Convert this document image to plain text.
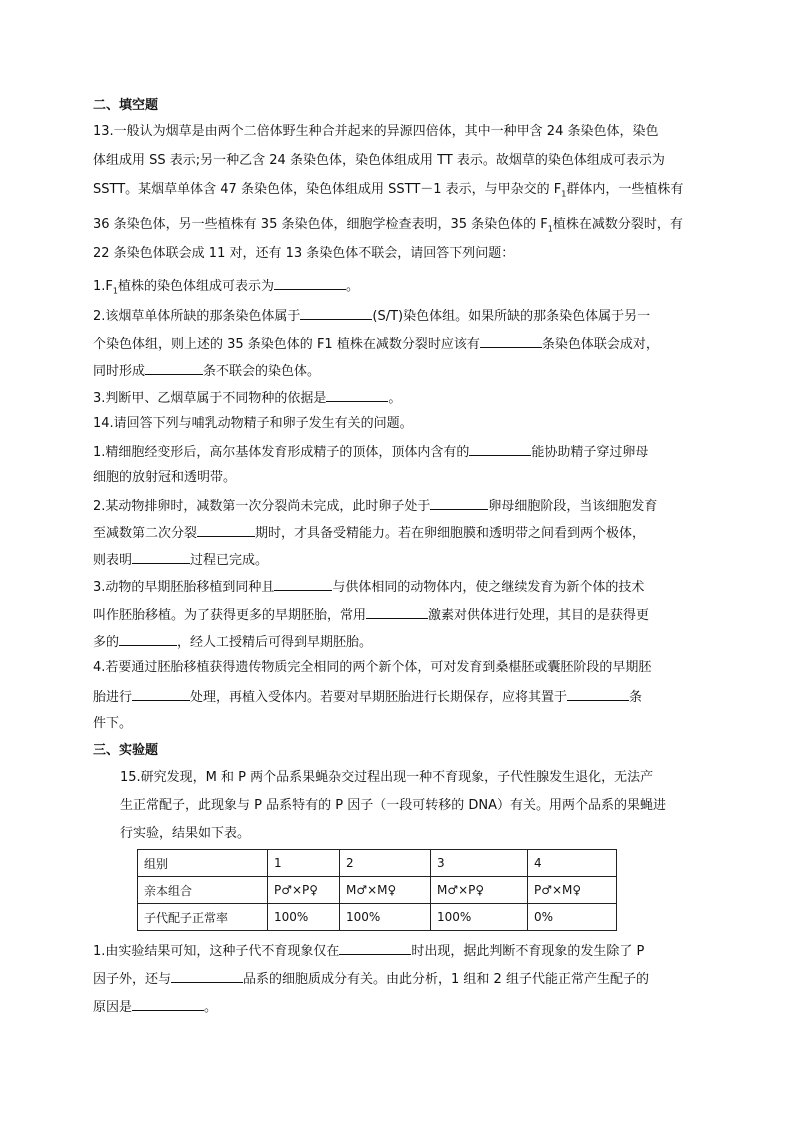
二、填空题
13.一般认为烟草是由两个二倍体野生种合并起来的异源四倍体，其中一种甲含 24 条染色体，染色
体组成用 SS 表示;另一种乙含 24 条染色体，染色体组成用 TT 表示。故烟草的染色体组成可表示为
SSTT。某烟草单体含 47 条染色体，染色体组成用 SSTT－1 表示，与甲杂交的 $F_1$群体内，一些植株有
36 条染色体，另一些植株有 35 条染色体，细胞学检查表明，35 条染色体的 $F_1$植株在减数分裂时，有
22 条染色体联会成 11 对，还有 13 条染色体不联会，请回答下列问题：
$1.F_1$植株的染色体组成可表示为	。
2.该烟草单体所缺的那条染色体属于	(S/T)染色体组。如果所缺的那条染色体属于另一
个染色体组，则上述的 35 条染色体的 F1 植株在减数分裂时应该有	条染色体联会成对，
同时形成	条不联会的染色体。
3.判断甲、乙烟草属于不同物种的依据是	。
14.请回答下列与哺乳动物精子和卵子发生有关的问题。
1.精细胞经变形后，高尔基体发育形成精子的顶体，顶体内含有的	能协助精子穿过卵母
细胞的放射冠和透明带。
2.某动物排卵时，减数第一次分裂尚未完成，此时卵子处于	卵母细胞阶段，当该细胞发育
至减数第二次分裂	期时，才具备受精能力。若在卵细胞膜和透明带之间看到两个极体，
则表明	过程已完成。
3.动物的早期胚胎移植到同种且	与供体相同的动物体内，使之继续发育为新个体的技术
叫作胚胎移植。为了获得更多的早期胚胎，常用	激素对供体进行处理，其目的是获得更
多的	，经人工授精后可得到早期胚胎。
4.若要通过胚胎移植获得遗传物质完全相同的两个新个体，可对发育到桑椹胚或囊胚阶段的早期胚
胎进行	处理，再植入受体内。若要对早期胚胎进行长期保存，应将其置于	条
件下。
三、实验题
15.研究发现，M 和 P 两个品系果蝇杂交过程出现一种不育现象，子代性腺发生退化，无法产
生正常配子，此现象与 P 品系特有的 P 因子（一段可转移的 DNA）有关。用两个品系的果蝇进
行实验，结果如下表。
组别	1	2	3	4
亲本组合	P♂×P♀	M♂×M♀	M♂×P♀	P♂×M♀
子代配子正常率	100%	100%	100%	0%
1.由实验结果可知，这种子代不育现象仅在	时出现，据此判断不育现象的发生除了 P
因子外，还与	品系的细胞质成分有关。由此分析，1 组和 2 组子代能正常产生配子的
原因是	。
